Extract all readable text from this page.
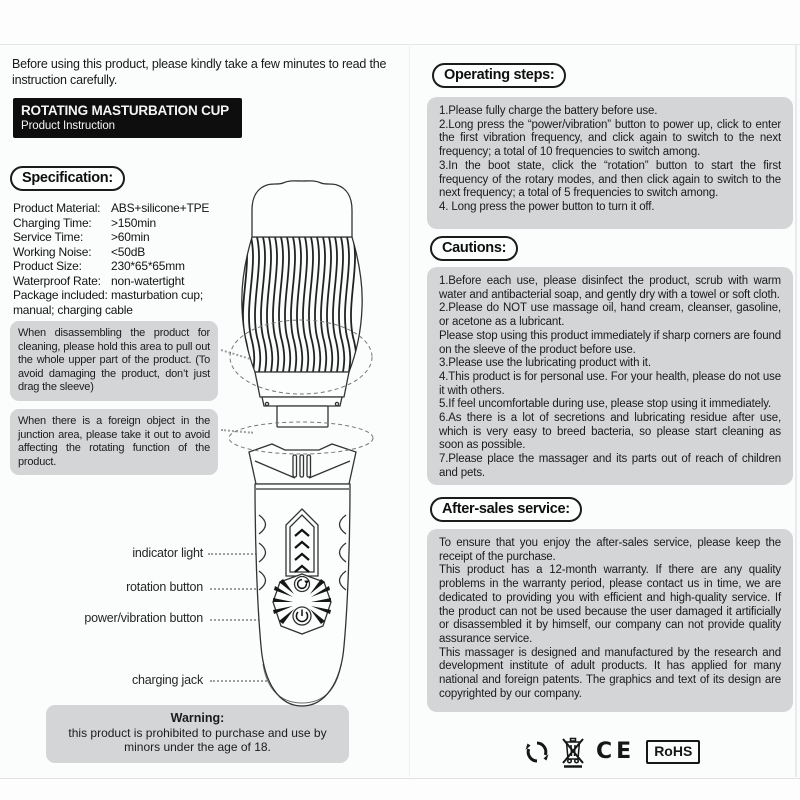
Before using this product, please kindly take a few minutes to read the instruction carefully.
ROTATING MASTURBATION CUP
Product Instruction
Specification:
Product Material: ABS+silicone+TPE
Charging Time:	>150min
Service Time:	>60min
Working Noise:	<50dB
Product Size:	230*65*65mm
Waterproof Rate: non-watertight
Package included: masturbation cup;
manual; charging cable
When disassembling the product for cleaning, please hold this area to pull out the whole upper part of the product. (To avoid damaging the product, don’t just drag the sleeve)
When there is a foreign object in the junction area, please take it out to avoid affecting the rotating function of the product.
indicator light
rotation button
power/vibration button
charging jack
Warning:
this product is prohibited to purchase and use by minors under the age of 18.
Operating steps:
1.Please fully charge the battery before use.
2.Long press the “power/vibration” button to power up, click to enter the first vibration frequency, and click again to switch to the next frequency; a total of 10 frequencies to switch among.
3.In the boot state, click the “rotation” button to start the first frequency of the rotary modes, and then click again to switch to the next frequency; a total of 5 frequencies to switch among.
4. Long press the power button to turn it off.
Cautions:
1.Before each use, please disinfect the product, scrub with warm water and antibacterial soap, and gently dry with a towel or soft cloth.
2.Please do NOT use massage oil, hand cream, cleanser, gasoline, or acetone as a lubricant.
Please stop using this product immediately if sharp corners are found on the sleeve of the product before use.
3.Please use the lubricating product with it.
4.This product is for personal use. For your health, please do not use it with others.
5.If feel uncomfortable during use, please stop using it immediately.
6.As there is a lot of secretions and lubricating residue after use, which is very easy to breed bacteria, so please start cleaning as soon as possible.
7.Please place the massager and its parts out of reach of children and pets.
After-sales service:
To ensure that you enjoy the after-sales service, please keep the receipt of the purchase.
This product has a 12-month warranty. If there are any quality problems in the warranty period, please contact us in time, we are dedicated to providing you with efficient and high-quality service. If the product can not be used because the user damaged it artificially or disassembled it by himself, our company can not provide quality assurance service.
This massager is designed and manufactured by the research and development institute of adult products. It has applied for many national and foreign patents. The graphics and text of its design are copyrighted by our company.
CE	RoHS
